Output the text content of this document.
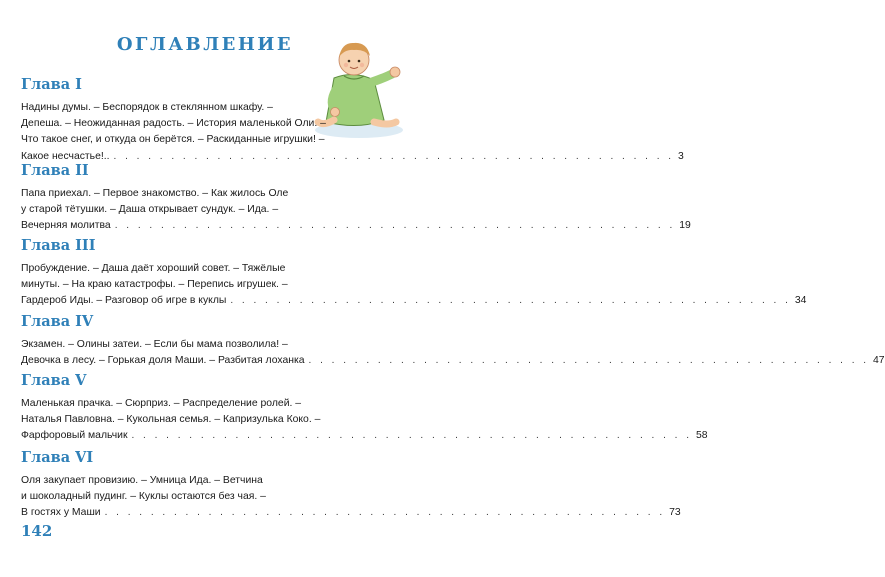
ОГЛАВЛЕНИЕ
Глава I
Надины думы. – Беспорядок в стеклянном шкафу. –
Депеша. – Неожиданная радость. – История маленькой Оли. –
Что такое снег, и откуда он берётся. – Раскиданные игрушки! –
Какое несчастье!.. . . . . . . . . . . . . . . . . . . . . . . . . . . . . . . . . . . . . . . . . . . . . . . . . . 3
Глава II
Папа приехал. – Первое знакомство. – Как жилось Оле
у старой тётушки. – Даша открывает сундук. – Ида. –
Вечерняя молитва . . . . . . . . . . . . . . . . . . . . . . . . . . . . . . . . . . . . . . . . . . . . . . . . . 19
Глава III
Пробуждение. – Даша даёт хороший совет. – Тяжёлые
минуты. – На краю катастрофы. – Перепись игрушек. –
Гардероб Иды. – Разговор об игре в куклы . . . . . . . . . . . . . . . . . . . . . . . . . . . . . . . . . . . . . . . . . . . . . . . . . 34
Глава IV
Экзамен. – Олины затеи. – Если бы мама позволила! –
Девочка в лесу. – Горькая доля Маши. – Разбитая лоханка . . . . . . . . . . . . . . . . . . . . . . . . . . . . . . . . . . . . . . . . . . . . . . . . . 47
Глава V
Маленькая прачка. – Сюрприз. – Распределение ролей. –
Наталья Павловна. – Кукольная семья. – Капризулька Коко. –
Фарфоровый мальчик . . . . . . . . . . . . . . . . . . . . . . . . . . . . . . . . . . . . . . . . . . . . . . . . . 58
Глава VI
Оля закупает провизию. – Умница Ида. – Ветчина
и шоколадный пудинг. – Куклы остаются без чая. –
В гостях у Маши . . . . . . . . . . . . . . . . . . . . . . . . . . . . . . . . . . . . . . . . . . . . . . . . . 73
142
